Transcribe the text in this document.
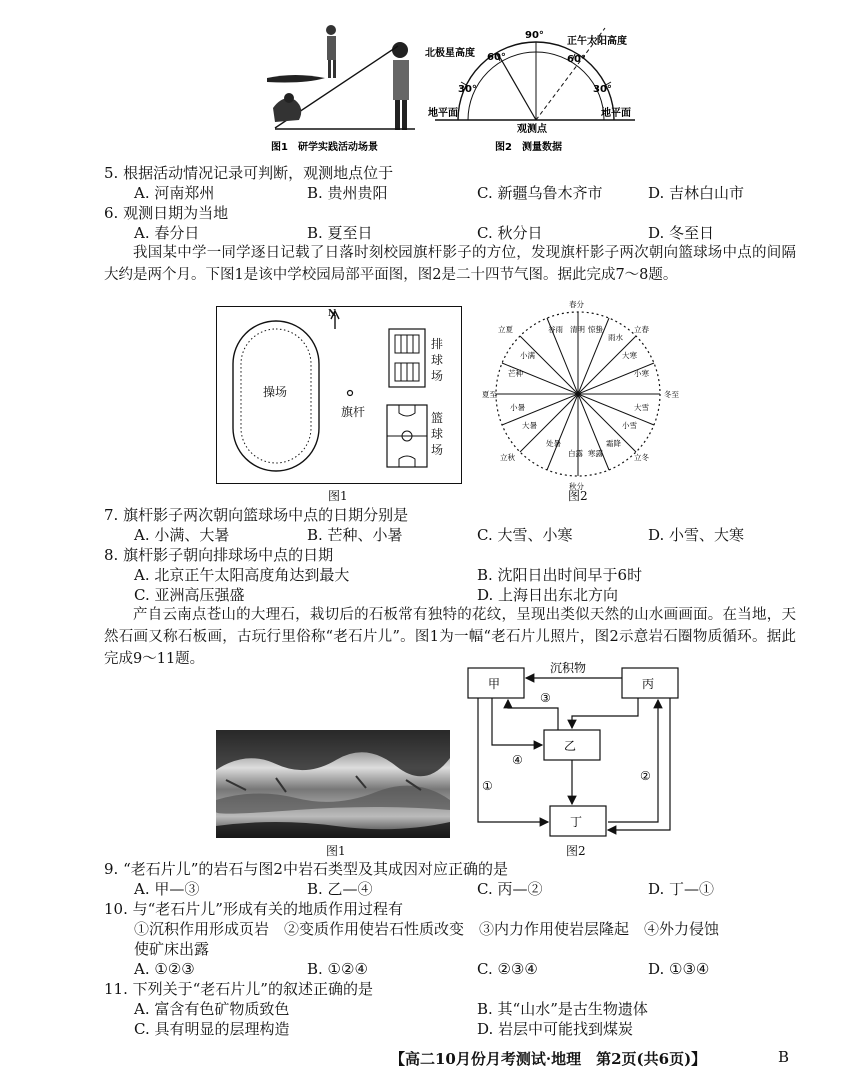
图1　研学实践活动场景
北极星高度
正午太阳高度
90°
60°
30°
60°
30°
地平面	地平面
观测点
图2　测量数据
5. 根据活动情况记录可判断，观测地点位于
A. 河南郑州	B. 贵州贵阳	C. 新疆乌鲁木齐市	D. 吉林白山市
6. 观测日期为当地
A. 春分日	B. 夏至日	C. 秋分日	D. 冬至日
我国某中学一同学逐日记载了日落时刻校园旗杆影子的方位，发现旗杆影子两次朝向篮球场中点的间隔大约是两个月。下图1是该中学校园局部平面图，图2是二十四节气图。据此完成7～8题。
N
操场
旗杆
排
球
场
篮
球
场
图1
春分
秋分
夏至	冬至
立夏	立春
立秋	立冬
谷雨 清明 惊蛰
雨水
大寒
小寒
大雪
小雪
霜降
寒露
白露
处暑
大暑
小暑
芒种
小满
图2
7. 旗杆影子两次朝向篮球场中点的日期分别是
A. 小满、大暑	B. 芒种、小暑	C. 大雪、小寒	D. 小雪、大寒
8. 旗杆影子朝向排球场中点的日期
A. 北京正午太阳高度角达到最大	B. 沈阳日出时间早于6时
C. 亚洲高压强盛	D. 上海日出东北方向
产自云南点苍山的大理石，栽切后的石板常有独特的花纹，呈现出类似天然的山水画画面。在当地，天然石画又称石板画，古玩行里俗称“老石片儿”。图1为一幅“老石片儿照片，图2示意岩石圈物质循环。据此完成9～11题。
图1
甲
乙
丙
丁
沉积物
①
②
③
④
图2
9. “老石片儿”的岩石与图2中岩石类型及其成因对应正确的是
A. 甲—③	B. 乙—④	C. 丙—②	D. 丁—①
10. 与“老石片儿”形成有关的地质作用过程有
①沉积作用形成页岩　②变质作用使岩石性质改变　③内力作用使岩层隆起　④外力侵蚀
使矿床出露
A. ①②③	B. ①②④	C. ②③④	D. ①③④
11. 下列关于“老石片儿”的叙述正确的是
A. 富含有色矿物质致色	B. 其“山水”是古生物遗体
C. 具有明显的层理构造	D. 岩层中可能找到煤炭
【高二10月份月考测试·地理　第2页(共6页)】	B
